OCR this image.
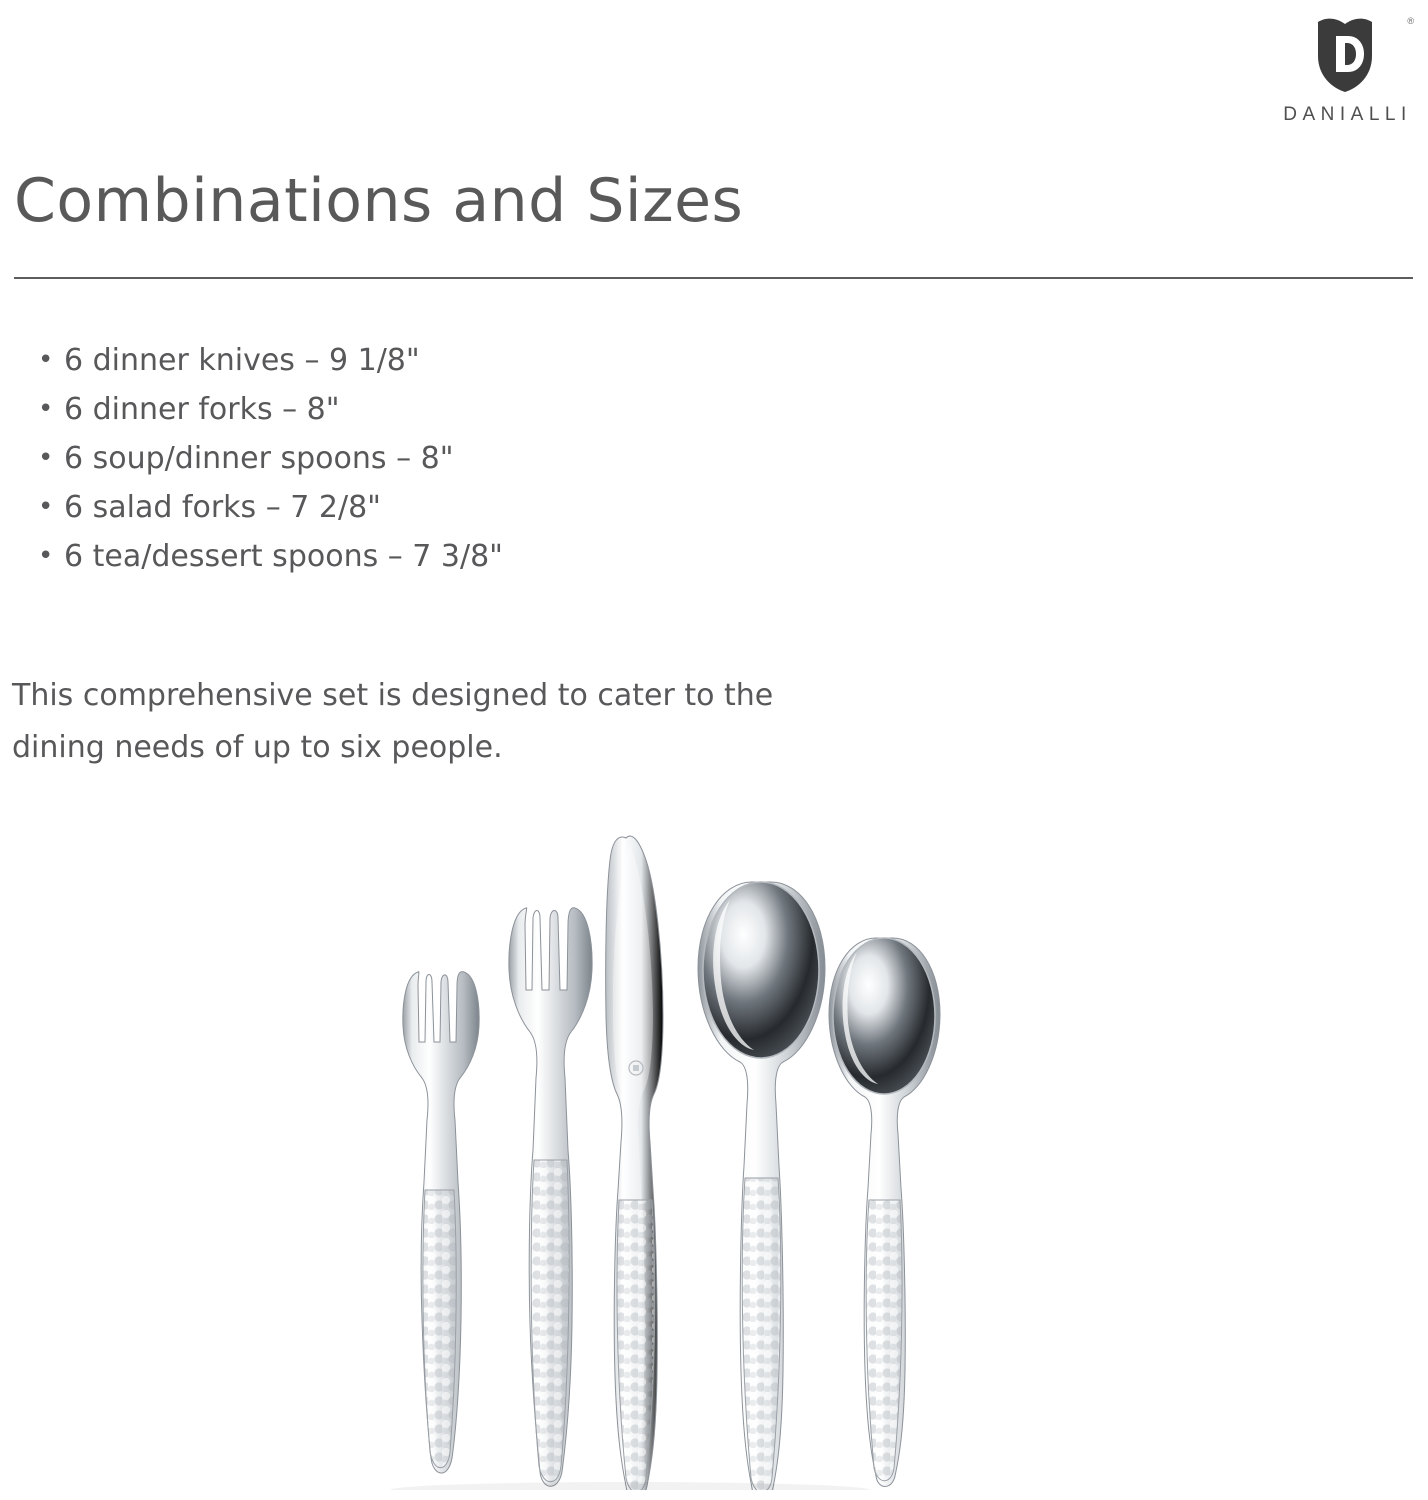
®
DANIALLI
Combinations and Sizes
• 6 dinner knives – 9 1/8"
• 6 dinner forks – 8"
• 6 soup/dinner spoons – 8"
• 6 salad forks – 7 2/8"
• 6 tea/dessert spoons – 7 3/8"

This comprehensive set is designed to cater to the dining needs of up to six people.
